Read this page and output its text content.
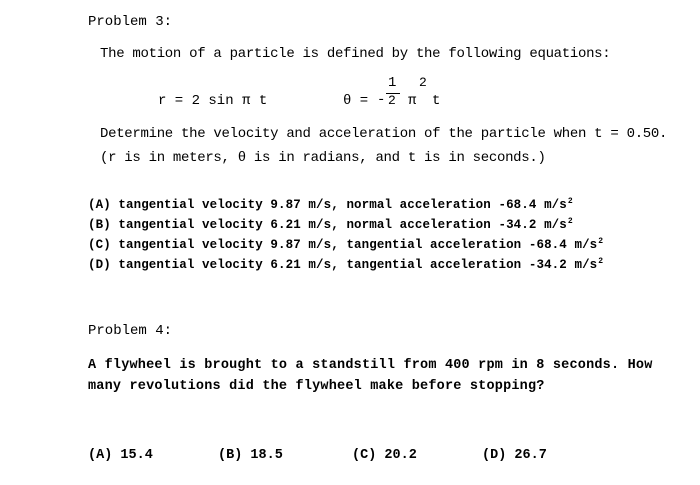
Problem 3:
The motion of a particle is defined by the following equations:
r = 2 sin π t	θ = -
1
2 π
2
t
Determine the velocity and acceleration of the particle when t = 0.50.
(r is in meters, θ is in radians, and t is in seconds.)
(A) tangential velocity 9.87 m/s, normal acceleration -68.4 $m/s^2$
(B) tangential velocity 6.21 m/s, normal acceleration -34.2 $m/s^2$
(C) tangential velocity 9.87 m/s, tangential acceleration -68.4 $m/s^2$
(D) tangential velocity 6.21 m/s, tangential acceleration -34.2 $m/s^2$
Problem 4:
A flywheel is brought to a standstill from 400 rpm in 8 seconds. How
many revolutions did the flywheel make before stopping?
(A) 15.4	(B) 18.5	(C) 20.2	(D) 26.7
